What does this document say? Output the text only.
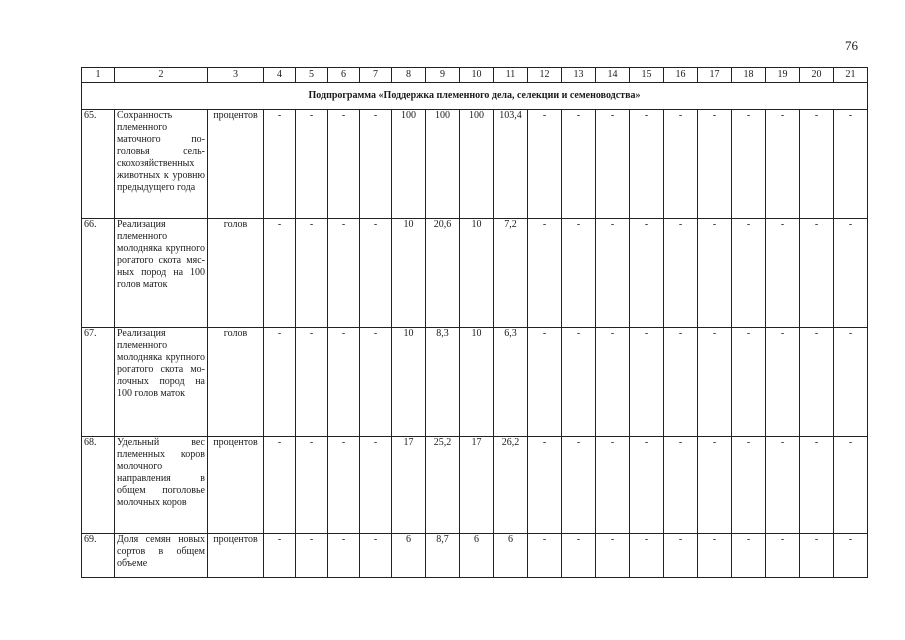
76
1	2	3	4	5	6	7	8	9	10	11	12	13	14	15	16	17	18	19	20	21
Подпрограмма «Поддержка племенного дела, селекции и семеноводства»																				
65.	Сохранность племенного маточного поголовья сельскохозяйственных животных к уровню предыдущего года	процентов	-	-	-	-	100	100	100	103,4	-	-	-	-	-	-	-	-	-	-
66.	Реализация племенного молодняка крупного рогатого скота мясных пород на 100 голов маток	голов	-	-	-	-	10	20,6	10	7,2	-	-	-	-	-	-	-	-	-	-
67.	Реализация племенного молодняка крупного рогатого скота молочных пород на 100 голов маток	голов	-	-	-	-	10	8,3	10	6,3	-	-	-	-	-	-	-	-	-	-
68.	Удельный вес племенных коров молочного направления в общем поголовье молочных коров	процентов	-	-	-	-	17	25,2	17	26,2	-	-	-	-	-	-	-	-	-	-
69.	Доля семян новых сортов в общем объеме	процентов	-	-	-	-	6	8,7	6	6	-	-	-	-	-	-	-	-	-	-
